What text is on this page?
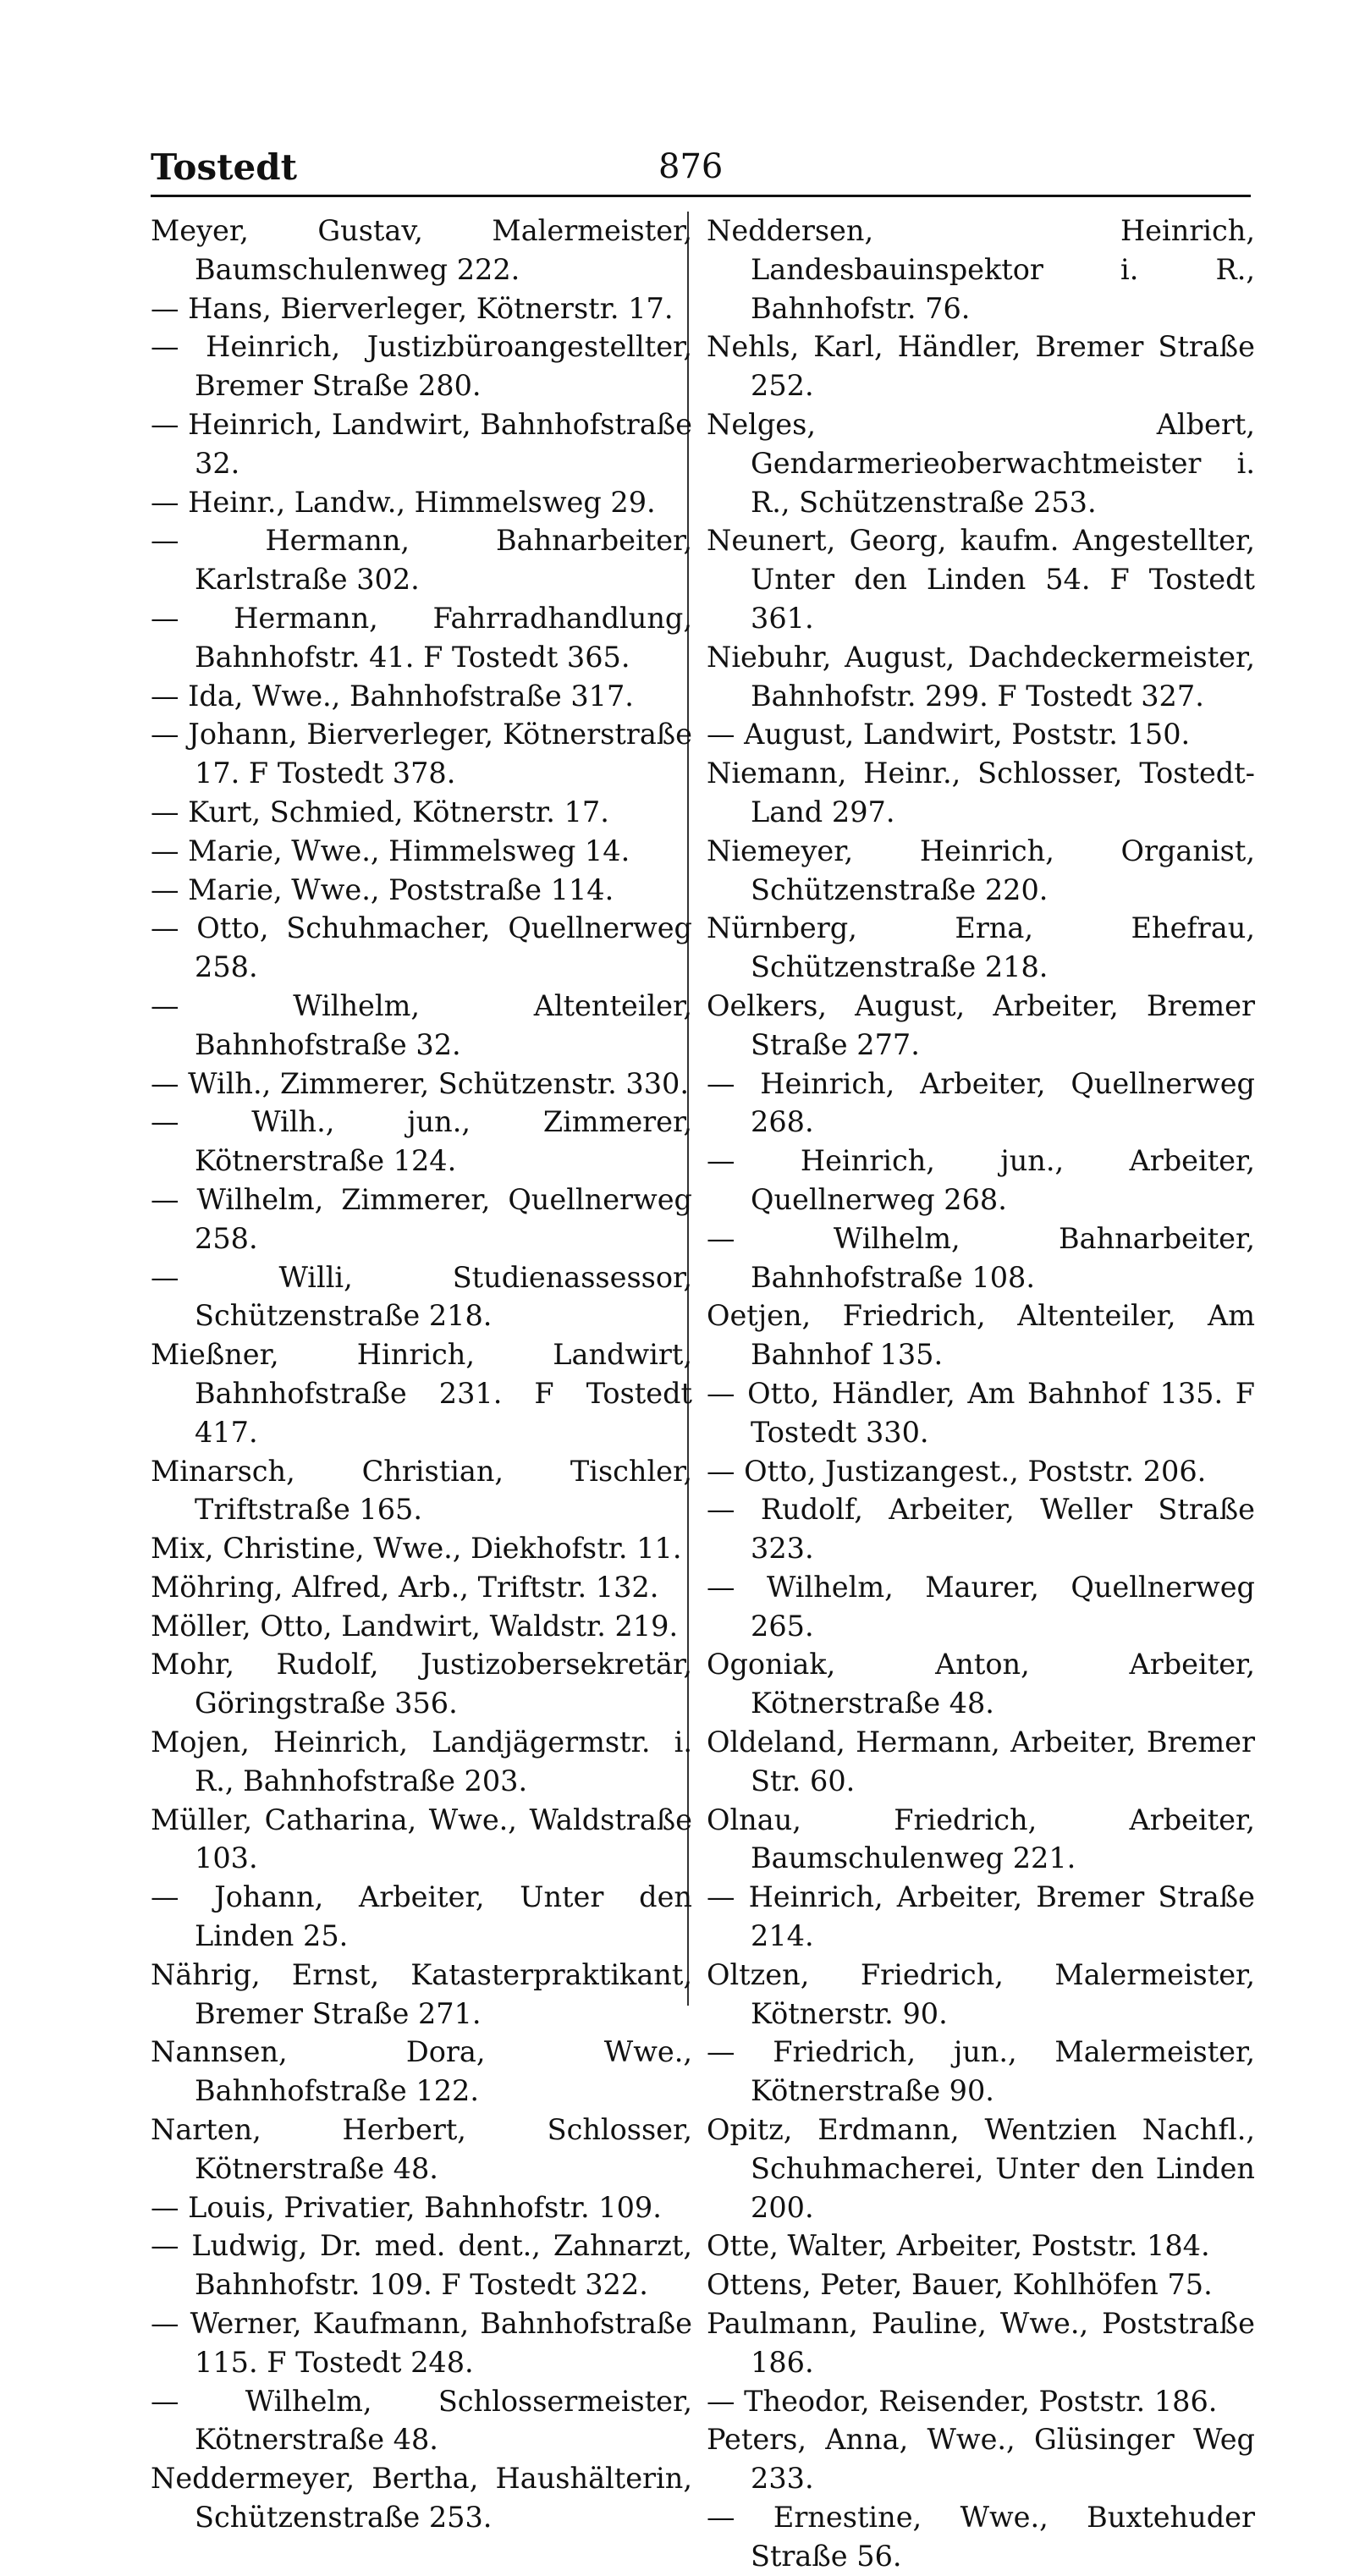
Tostedt	876
Meyer, Gustav, Malermeister, Baumschulenweg 222.
— Hans, Bierverleger, Kötnerstr. 17.
— Heinrich, Justizbüroangestellter, Bremer Straße 280.
— Heinrich, Landwirt, Bahnhofstraße 32.
— Heinr., Landw., Himmelsweg 29.
— Hermann, Bahnarbeiter, Karlstraße 302.
— Hermann, Fahrradhandlung, Bahnhofstr. 41. F Tostedt 365.
— Ida, Wwe., Bahnhofstraße 317.
— Johann, Bierverleger, Kötnerstraße 17. F Tostedt 378.
— Kurt, Schmied, Kötnerstr. 17.
— Marie, Wwe., Himmelsweg 14.
— Marie, Wwe., Poststraße 114.
— Otto, Schuhmacher, Quellnerweg 258.
— Wilhelm, Altenteiler, Bahnhofstraße 32.
— Wilh., Zimmerer, Schützenstr. 330.
— Wilh., jun., Zimmerer, Kötnerstraße 124.
— Wilhelm, Zimmerer, Quellnerweg 258.
— Willi, Studienassessor, Schützenstraße 218.
Mießner, Hinrich, Landwirt, Bahnhofstraße 231. F Tostedt 417.
Minarsch, Christian, Tischler, Triftstraße 165.
Mix, Christine, Wwe., Diekhofstr. 11.
Möhring, Alfred, Arb., Triftstr. 132.
Möller, Otto, Landwirt, Waldstr. 219.
Mohr, Rudolf, Justizobersekretär, Göringstraße 356.
Mojen, Heinrich, Landjägermstr. i. R., Bahnhofstraße 203.
Müller, Catharina, Wwe., Waldstraße 103.
— Johann, Arbeiter, Unter den Linden 25.
Nährig, Ernst, Katasterpraktikant, Bremer Straße 271.
Nannsen, Dora, Wwe., Bahnhofstraße 122.
Narten, Herbert, Schlosser, Kötnerstraße 48.
— Louis, Privatier, Bahnhofstr. 109.
— Ludwig, Dr. med. dent., Zahnarzt, Bahnhofstr. 109. F Tostedt 322.
— Werner, Kaufmann, Bahnhofstraße 115. F Tostedt 248.
— Wilhelm, Schlossermeister, Kötnerstraße 48.
Neddermeyer, Bertha, Haushälterin, Schützenstraße 253.
Neddersen, Heinrich, Landesbauinspektor i. R., Bahnhofstr. 76.
Nehls, Karl, Händler, Bremer Straße 252.
Nelges, Albert, Gendarmerieoberwachtmeister i. R., Schützenstraße 253.
Neunert, Georg, kaufm. Angestellter, Unter den Linden 54. F Tostedt 361.
Niebuhr, August, Dachdeckermeister, Bahnhofstr. 299. F Tostedt 327.
— August, Landwirt, Poststr. 150.
Niemann, Heinr., Schlosser, Tostedt-Land 297.
Niemeyer, Heinrich, Organist, Schützenstraße 220.
Nürnberg, Erna, Ehefrau, Schützenstraße 218.
Oelkers, August, Arbeiter, Bremer Straße 277.
— Heinrich, Arbeiter, Quellnerweg 268.
— Heinrich, jun., Arbeiter, Quellnerweg 268.
— Wilhelm, Bahnarbeiter, Bahnhofstraße 108.
Oetjen, Friedrich, Altenteiler, Am Bahnhof 135.
— Otto, Händler, Am Bahnhof 135. F Tostedt 330.
— Otto, Justizangest., Poststr. 206.
— Rudolf, Arbeiter, Weller Straße 323.
— Wilhelm, Maurer, Quellnerweg 265.
Ogoniak, Anton, Arbeiter, Kötnerstraße 48.
Oldeland, Hermann, Arbeiter, Bremer Str. 60.
Olnau, Friedrich, Arbeiter, Baumschulenweg 221.
— Heinrich, Arbeiter, Bremer Straße 214.
Oltzen, Friedrich, Malermeister, Kötnerstr. 90.
— Friedrich, jun., Malermeister, Kötnerstraße 90.
Opitz, Erdmann, Wentzien Nachfl., Schuhmacherei, Unter den Linden 200.
Otte, Walter, Arbeiter, Poststr. 184.
Ottens, Peter, Bauer, Kohlhöfen 75.
Paulmann, Pauline, Wwe., Poststraße 186.
— Theodor, Reisender, Poststr. 186.
Peters, Anna, Wwe., Glüsinger Weg 233.
— Ernestine, Wwe., Buxtehuder Straße 56.
